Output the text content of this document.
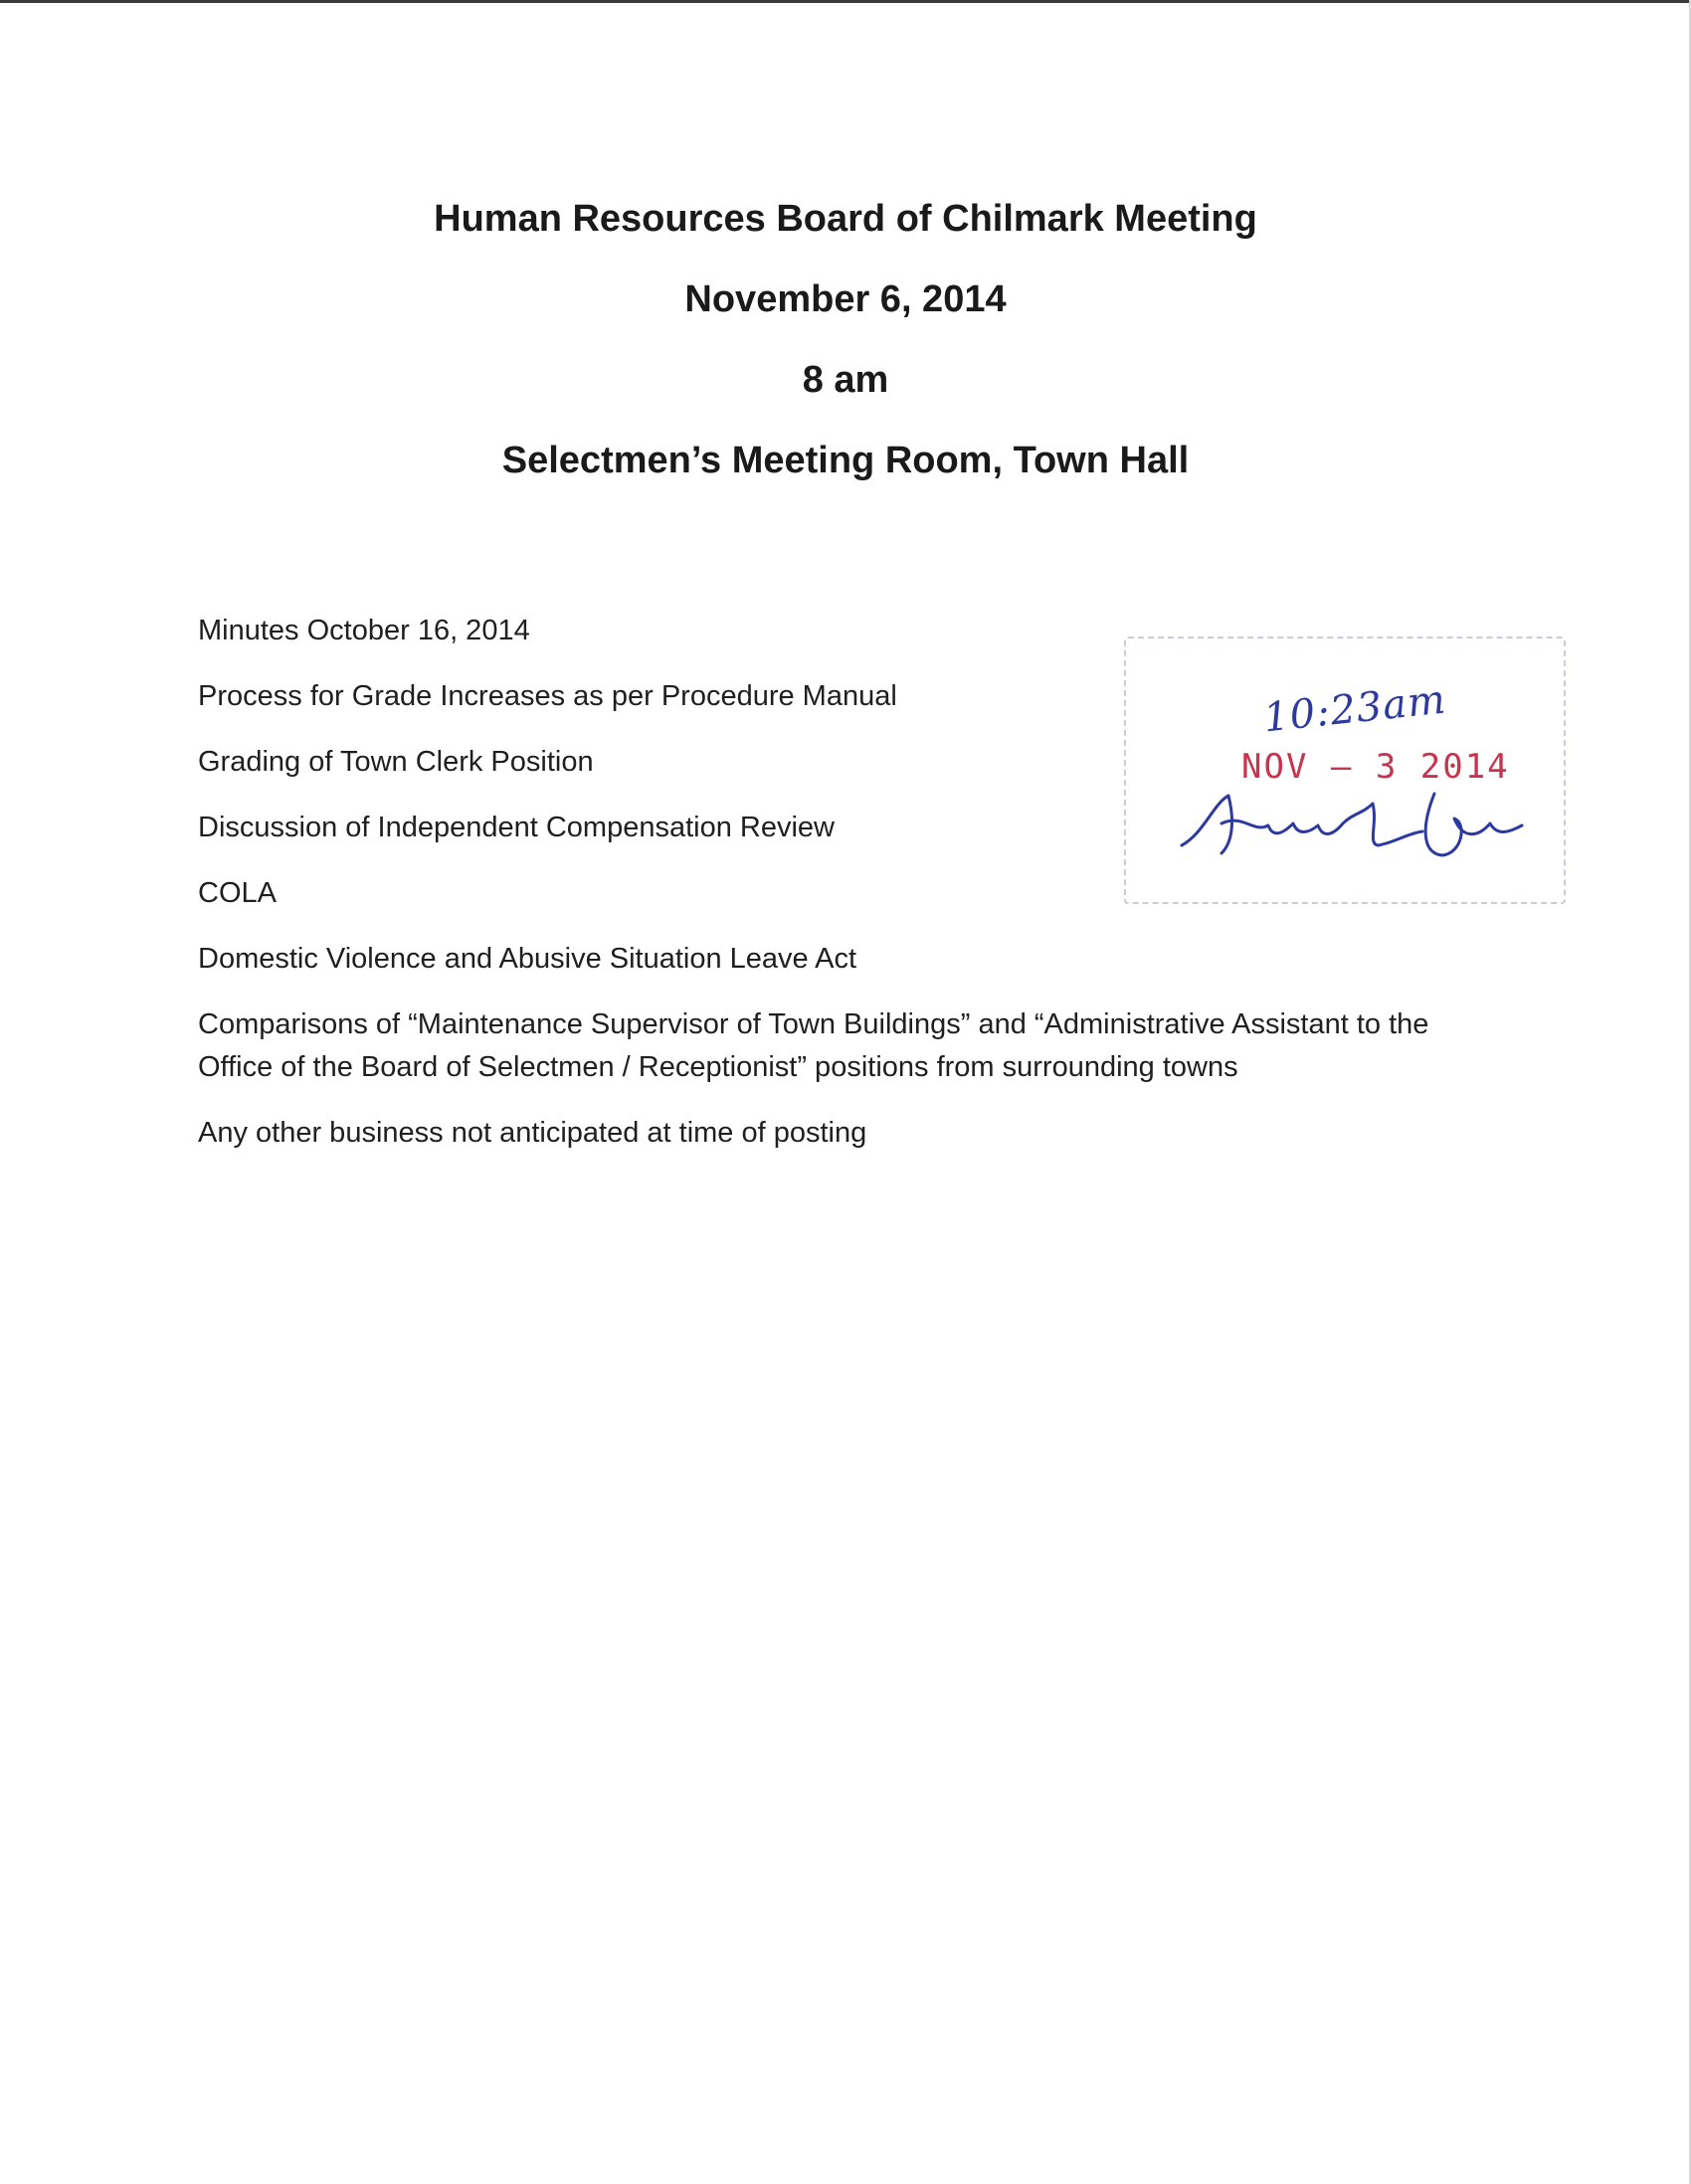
Human Resources Board of Chilmark Meeting
November 6, 2014
8 am
Selectmen’s Meeting Room, Town Hall
Minutes October 16, 2014
Process for Grade Increases as per Procedure Manual
Grading of Town Clerk Position
Discussion of Independent Compensation Review
COLA
Domestic Violence and Abusive Situation Leave Act
Comparisons of “Maintenance Supervisor of Town Buildings” and “Administrative Assistant to the Office of the Board of Selectmen / Receptionist” positions from surrounding towns
Any other business not anticipated at time of posting
10:23am
NOV – 3 2014
